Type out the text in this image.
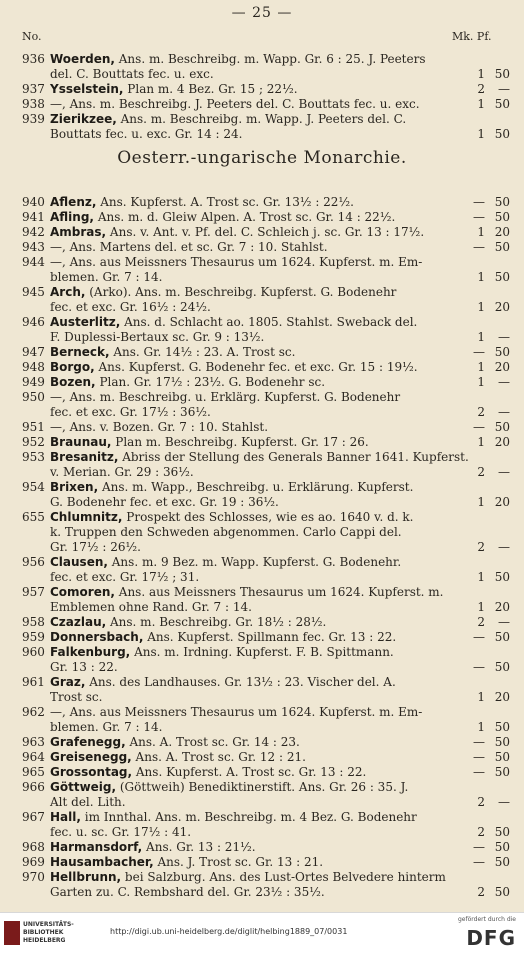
— 25 —
No.	Mk. Pf.
Oesterr.-ungarische Monarchie.
936 Woerden, Ans. m. Beschreibg. m. Wapp. Gr. 6 : 25. J. Peeters
del. C. Bouttats fec. u. exc.	1 50
937 Ysselstein, Plan m. 4 Bez. Gr. 15 ; 22½.	2	—
938 —, Ans. m. Beschreibg. J. Peeters del. C. Bouttats fec. u. exc.	1 50
939 Zierikzee, Ans. m. Beschreibg. m. Wapp. J. Peeters del. C.
Bouttats fec. u. exc. Gr. 14 : 24.	1 50
940 Aflenz, Ans. Kupferst. A. Trost sc. Gr. 13½ : 22½.	— 50
941 Afling, Ans. m. d. Gleiw Alpen. A. Trost sc. Gr. 14 : 22½.	— 50
942 Ambras, Ans. v. Ant. v. Pf. del. C. Schleich j. sc. Gr. 13 : 17½.	1 20
943 —, Ans. Martens del. et sc. Gr. 7 : 10. Stahlst.	— 50
944 —, Ans. aus Meissners Thesaurus um 1624. Kupferst. m. Em-
blemen. Gr. 7 : 14.	1 50
945 Arch, (Arko). Ans. m. Beschreibg. Kupferst. G. Bodenehr
fec. et exc. Gr. 16½ : 24½.	1 20
946 Austerlitz, Ans. d. Schlacht ao. 1805. Stahlst. Sweback del.
F. Duplessi-Bertaux sc. Gr. 9 : 13½.	1	—
947 Berneck, Ans. Gr. 14½ : 23. A. Trost sc.	— 50
948 Borgo, Ans. Kupferst. G. Bodenehr fec. et exc. Gr. 15 : 19½.	1 20
949 Bozen, Plan. Gr. 17½ : 23½. G. Bodenehr sc.	1	—
950 —, Ans. m. Beschreibg. u. Erklärg. Kupferst. G. Bodenehr
fec. et exc. Gr. 17½ : 36½.	2	—
951 —, Ans. v. Bozen. Gr. 7 : 10. Stahlst.	— 50
952 Braunau, Plan m. Beschreibg. Kupferst. Gr. 17 : 26.	1 20
953 Bresanitz, Abriss der Stellung des Generals Banner 1641. Kupferst.
v. Merian. Gr. 29 : 36½.	2	—
954 Brixen, Ans. m. Wapp., Beschreibg. u. Erklärung. Kupferst.
G. Bodenehr fec. et exc. Gr. 19 : 36½.	1 20
655 Chlumnitz, Prospekt des Schlosses, wie es ao. 1640 v. d. k.
k. Truppen den Schweden abgenommen. Carlo Cappi del.
Gr. 17½ : 26½.	2	—
956 Clausen, Ans. m. 9 Bez. m. Wapp. Kupferst. G. Bodenehr.
fec. et exc. Gr. 17½ ; 31.	1 50
957 Comoren, Ans. aus Meissners Thesaurus um 1624. Kupferst. m.
Emblemen ohne Rand. Gr. 7 : 14.	1 20
958 Czazlau, Ans. m. Beschreibg. Gr. 18½ : 28½.	2	—
959 Donnersbach, Ans. Kupferst. Spillmann fec. Gr. 13 : 22.	— 50
960 Falkenburg, Ans. m. Irdning. Kupferst. F. B. Spittmann.
Gr. 13 : 22.	— 50
961 Graz, Ans. des Landhauses. Gr. 13½ : 23. Vischer del. A.
Trost sc.	1 20
962 —, Ans. aus Meissners Thesaurus um 1624. Kupferst. m. Em-
blemen. Gr. 7 : 14.	1 50
963 Grafenegg, Ans. A. Trost sc. Gr. 14 : 23.	— 50
964 Greisenegg, Ans. A. Trost sc. Gr. 12 : 21.	— 50
965 Grossontag, Ans. Kupferst. A. Trost sc. Gr. 13 : 22.	— 50
966 Göttweig, (Göttweih) Benediktinerstift. Ans. Gr. 26 : 35. J.
Alt del. Lith.	2	—
967 Hall, im Innthal. Ans. m. Beschreibg. m. 4 Bez. G. Bodenehr
fec. u. sc. Gr. 17½ : 41.	2 50
968 Harmansdorf, Ans. Gr. 13 : 21½.	— 50
969 Hausambacher, Ans. J. Trost sc. Gr. 13 : 21.	— 50
970 Hellbrunn, bei Salzburg. Ans. des Lust-Ortes Belvedere hinterm
Garten zu. C. Rembshard del. Gr. 23½ : 35½.	2 50
UNIVERSITÄTS-
BIBLIOTHEK
HEIDELBERG
http://digi.ub.uni-heidelberg.de/diglit/helbing1889_07/0031
gefördert durch die
DFG
